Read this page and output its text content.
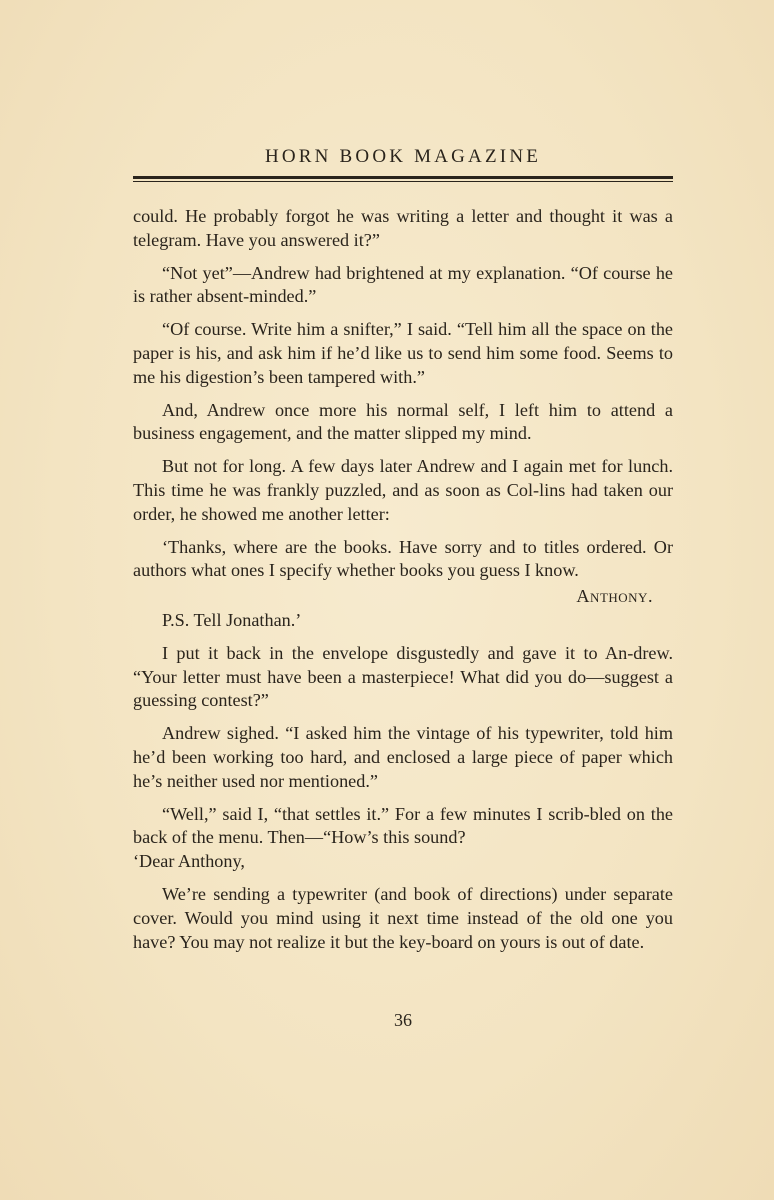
HORN BOOK MAGAZINE

could. He probably forgot he was writing a letter and thought it was a telegram. Have you answered it?”

“Not yet”—Andrew had brightened at my explanation. “Of course he is rather absent-minded.”

“Of course. Write him a snifter,” I said. “Tell him all the space on the paper is his, and ask him if he’d like us to send him some food. Seems to me his digestion’s been tampered with.”

And, Andrew once more his normal self, I left him to attend a business engagement, and the matter slipped my mind.

But not for long. A few days later Andrew and I again met for lunch. This time he was frankly puzzled, and as soon as Col-lins had taken our order, he showed me another letter:

‘Thanks, where are the books. Have sorry and to titles ordered. Or authors what ones I specify whether books you guess I know.

Anthony.

P.S. Tell Jonathan.’

I put it back in the envelope disgustedly and gave it to An-drew. “Your letter must have been a masterpiece! What did you do—suggest a guessing contest?”

Andrew sighed. “I asked him the vintage of his typewriter, told him he’d been working too hard, and enclosed a large piece of paper which he’s neither used nor mentioned.”

“Well,” said I, “that settles it.” For a few minutes I scrib-bled on the back of the menu. Then—“How’s this sound?

‘Dear Anthony,

We’re sending a typewriter (and book of directions) under separate cover. Would you mind using it next time instead of the old one you have? You may not realize it but the key-board on yours is out of date.

36
